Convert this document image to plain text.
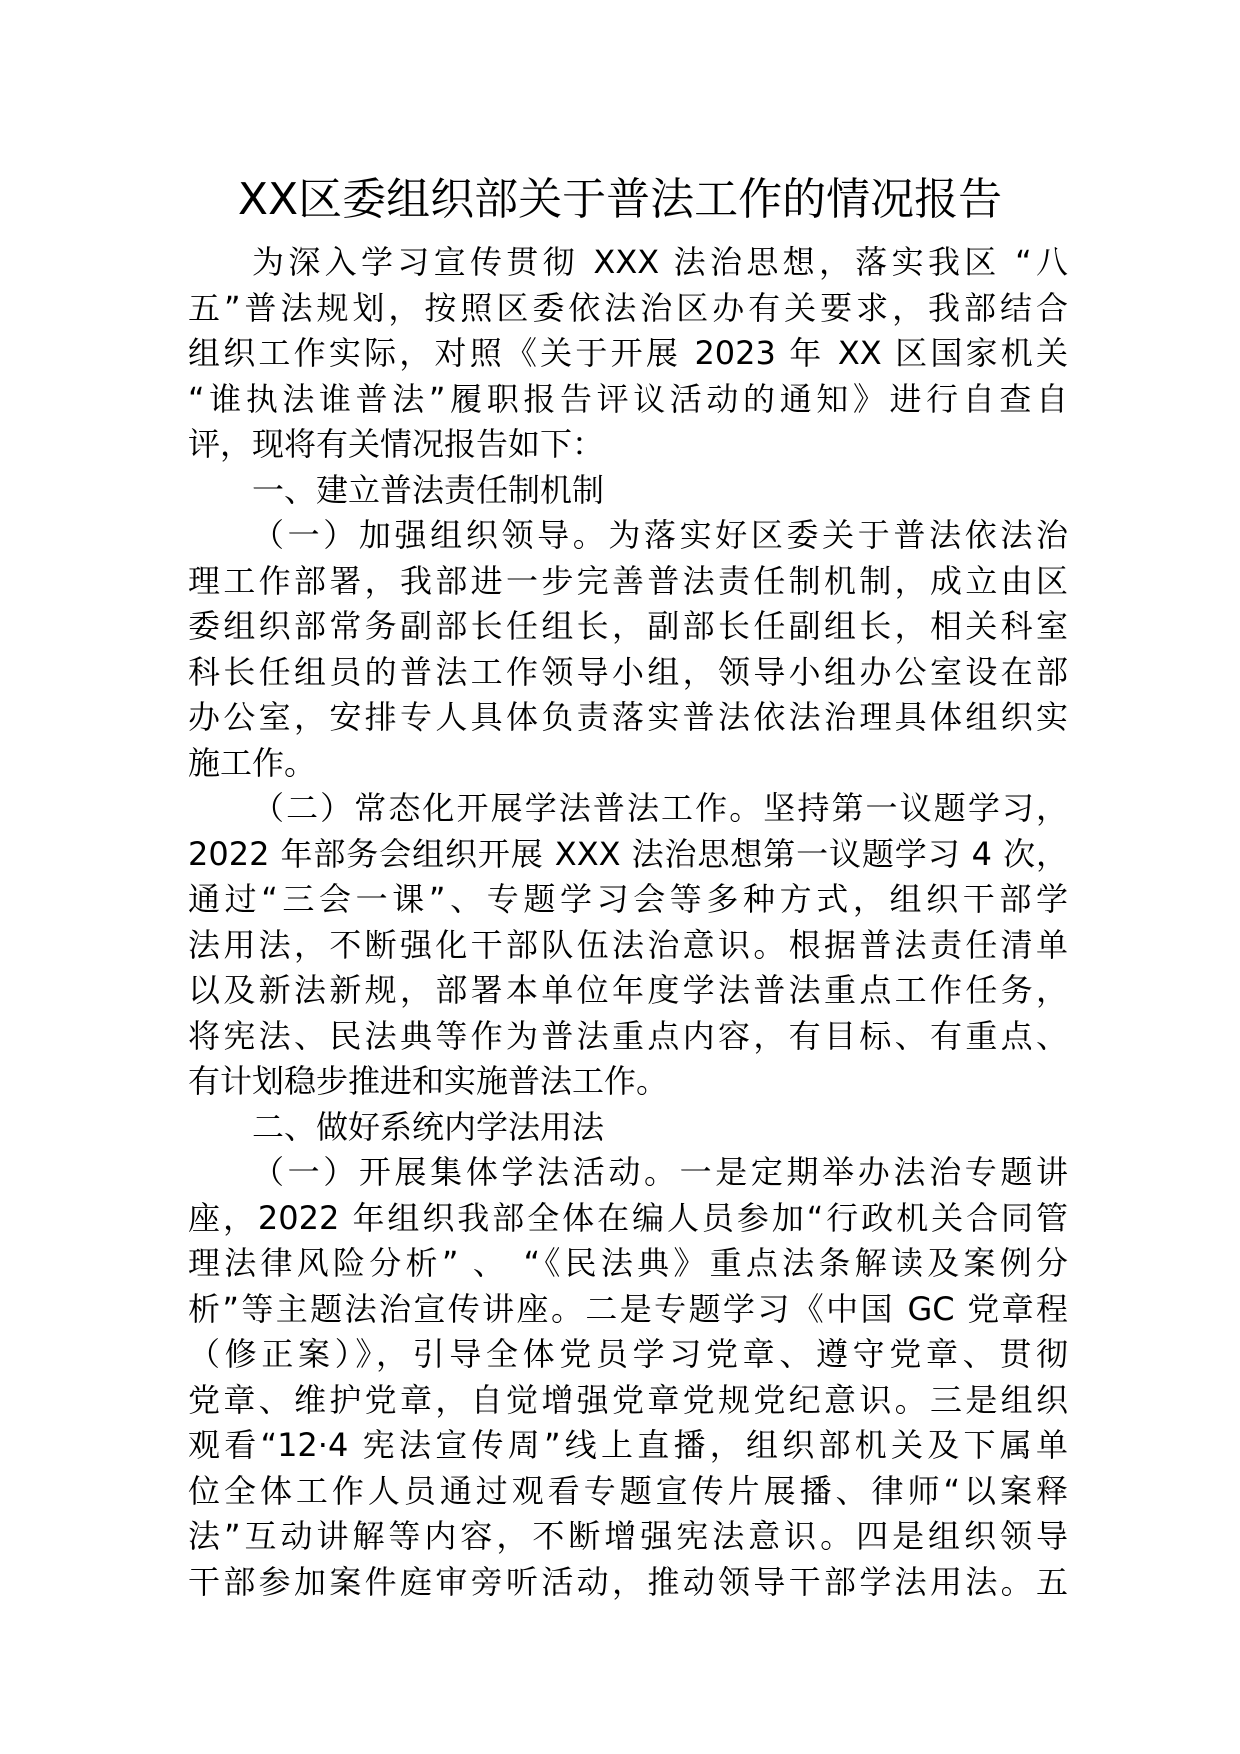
XX区委组织部关于普法工作的情况报告
为深入学习宣传贯彻 XXX 法治思想，落实我区 “八
五”普法规划，按照区委依法治区办有关要求，我部结合
组织工作实际，对照《关于开展 2023 年 XX 区国家机关
“谁执法谁普法”履职报告评议活动的通知》进行自查自
评，现将有关情况报告如下：
一、建立普法责任制机制
（一）加强组织领导。为落实好区委关于普法依法治
理工作部署，我部进一步完善普法责任制机制，成立由区
委组织部常务副部长任组长，副部长任副组长，相关科室
科长任组员的普法工作领导小组，领导小组办公室设在部
办公室，安排专人具体负责落实普法依法治理具体组织实
施工作。
（二）常态化开展学法普法工作。坚持第一议题学习，
2022 年部务会组织开展 XXX 法治思想第一议题学习 4 次，
通过“三会一课”、专题学习会等多种方式，组织干部学
法用法，不断强化干部队伍法治意识。根据普法责任清单
以及新法新规，部署本单位年度学法普法重点工作任务，
将宪法、民法典等作为普法重点内容，有目标、有重点、
有计划稳步推进和实施普法工作。
二、做好系统内学法用法
（一）开展集体学法活动。一是定期举办法治专题讲
座，2022 年组织我部全体在编人员参加“行政机关合同管
理法律风险分析” 、 “《民法典》重点法条解读及案例分
析”等主题法治宣传讲座。二是专题学习《中国 GC 党章程
（修正案）》，引导全体党员学习党章、遵守党章、贯彻
党章、维护党章，自觉增强党章党规党纪意识。三是组织
观看“12·4 宪法宣传周”线上直播，组织部机关及下属单
位全体工作人员通过观看专题宣传片展播、律师“以案释
法”互动讲解等内容，不断增强宪法意识。四是组织领导
干部参加案件庭审旁听活动，推动领导干部学法用法。五
